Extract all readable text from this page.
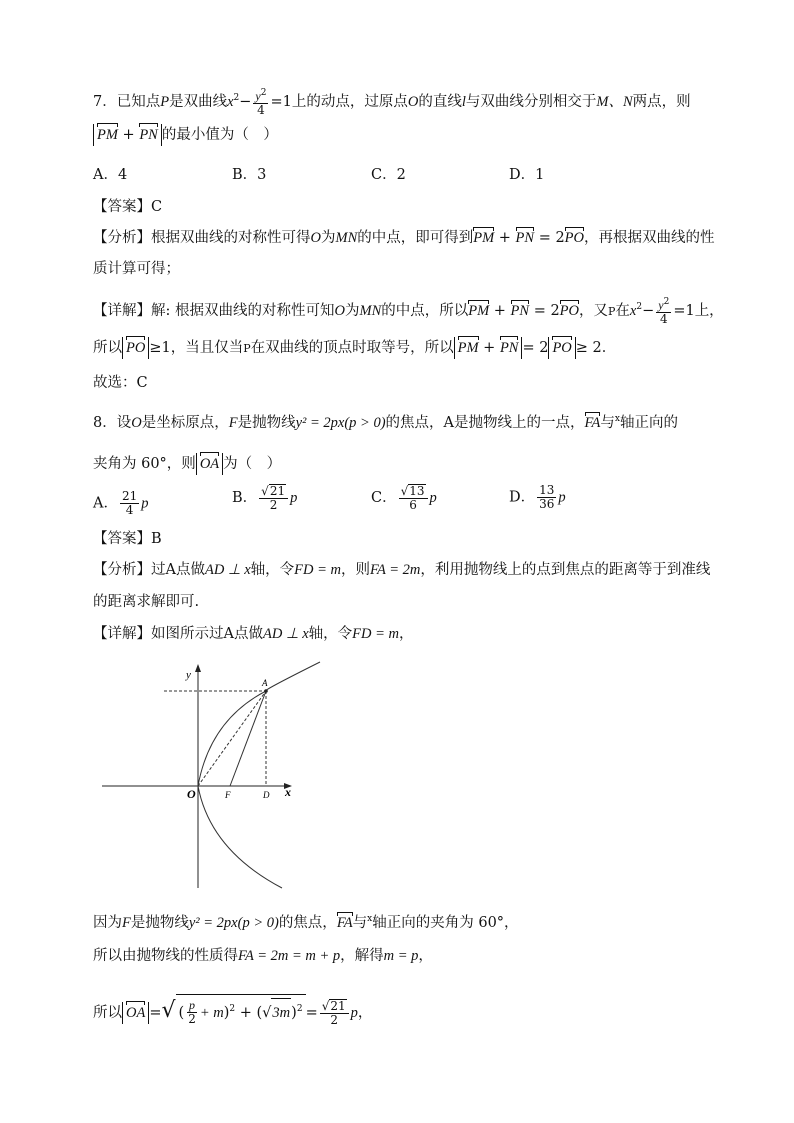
7．已知点P是双曲线$x^2- \frac{y^2}{4} =1$上的动点，过原点O的直线l与双曲线分别相交于M、N两点，则
PM + PN 的最小值为（　）
A．4	B．3	C．2	D．1
【答案】C
【分析】根据双曲线的对称性可得O为MN的中点，即可得到PM + PN = 2PO，再根据双曲线的性
质计算可得；
【详解】解: 根据双曲线的对称性可知O为MN的中点，所以PM + PN = 2PO，又P在$x^2- \frac{y^2}{4} =1$上，
所以 PO ≥1，当且仅当P在双曲线的顶点时取等号，所以 PM + PN = 2 PO ≥ 2．
故选：C
8．设O是坐标原点，F是抛物线y² = 2px(p > 0)的焦点，A是抛物线上的一点，FA与$^x$轴正向的
夹角为 60°，则 OA 为（　）
A． $\frac{21}{4}$ p	B． $\frac{√21}{2}$ p	C． $\frac{√13}{6}$ p	D． $\frac{13}{36}$ p
【答案】B
【分析】过A点做AD ⊥ x轴，令FD = m，则FA = 2m，利用抛物线上的点到焦点的距离等于到准线
的距离求解即可.
【详解】如图所示过A点做AD ⊥ x轴，令FD = m，
y
x
O	F	D
A
因为F是抛物线y² = 2px(p > 0)的焦点，FA与$^x$轴正向的夹角为 60°，
所以由抛物线的性质得FA = 2m = m + p，解得m = p，
所以 OA =√ ( $\frac{p}{2} + m)^2 + (√3m)^2 = \frac{√21}{2}$ p，
